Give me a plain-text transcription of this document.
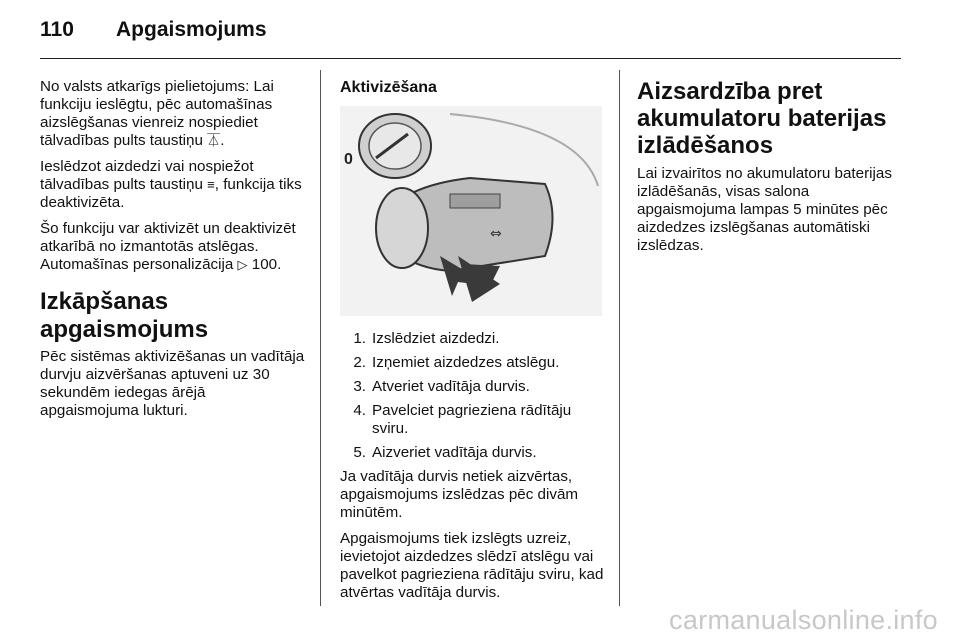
110 Apgaismojums

No valsts atkarīgs pielietojums: Lai funkciju ieslēgtu, pēc automašīnas aizslēgšanas vienreiz nospiediet tālvadības pults taustiņu ⏄.

Ieslēdzot aizdedzi vai nospiežot tālvadības pults taustiņu ≡, funkcija tiks deaktivizēta.

Šo funkciju var aktivizēt un deaktivizēt atkarībā no izmantotās atslēgas. Automašīnas personalizācija ▷ 100.

Izkāpšanas apgaismojums

Pēc sistēmas aktivizēšanas un vadītāja durvju aizvēršanas aptuveni uz 30 sekundēm iedegas ārējā apgaismojuma lukturi.

Aktivizēšana
0
⇔
1. Izslēdziet aizdedzi.
2. Izņemiet aizdedzes atslēgu.
3. Atveriet vadītāja durvis.
4. Pavelciet pagrieziena rādītāju sviru.
5. Aizveriet vadītāja durvis.

Ja vadītāja durvis netiek aizvērtas, apgaismojums izslēdzas pēc divām minūtēm.

Apgaismojums tiek izslēgts uzreiz, ievietojot aizdedzes slēdzī atslēgu vai pavelkot pagrieziena rādītāju sviru, kad atvērtas vadītāja durvis.

Aizsardzība pret akumulatoru baterijas izlādēšanos

Lai izvairītos no akumulatoru baterijas izlādēšanās, visas salona apgaismojuma lampas 5 minūtes pēc aizdedzes izslēgšanas automātiski izslēdzas.

carmanualsonline.info
